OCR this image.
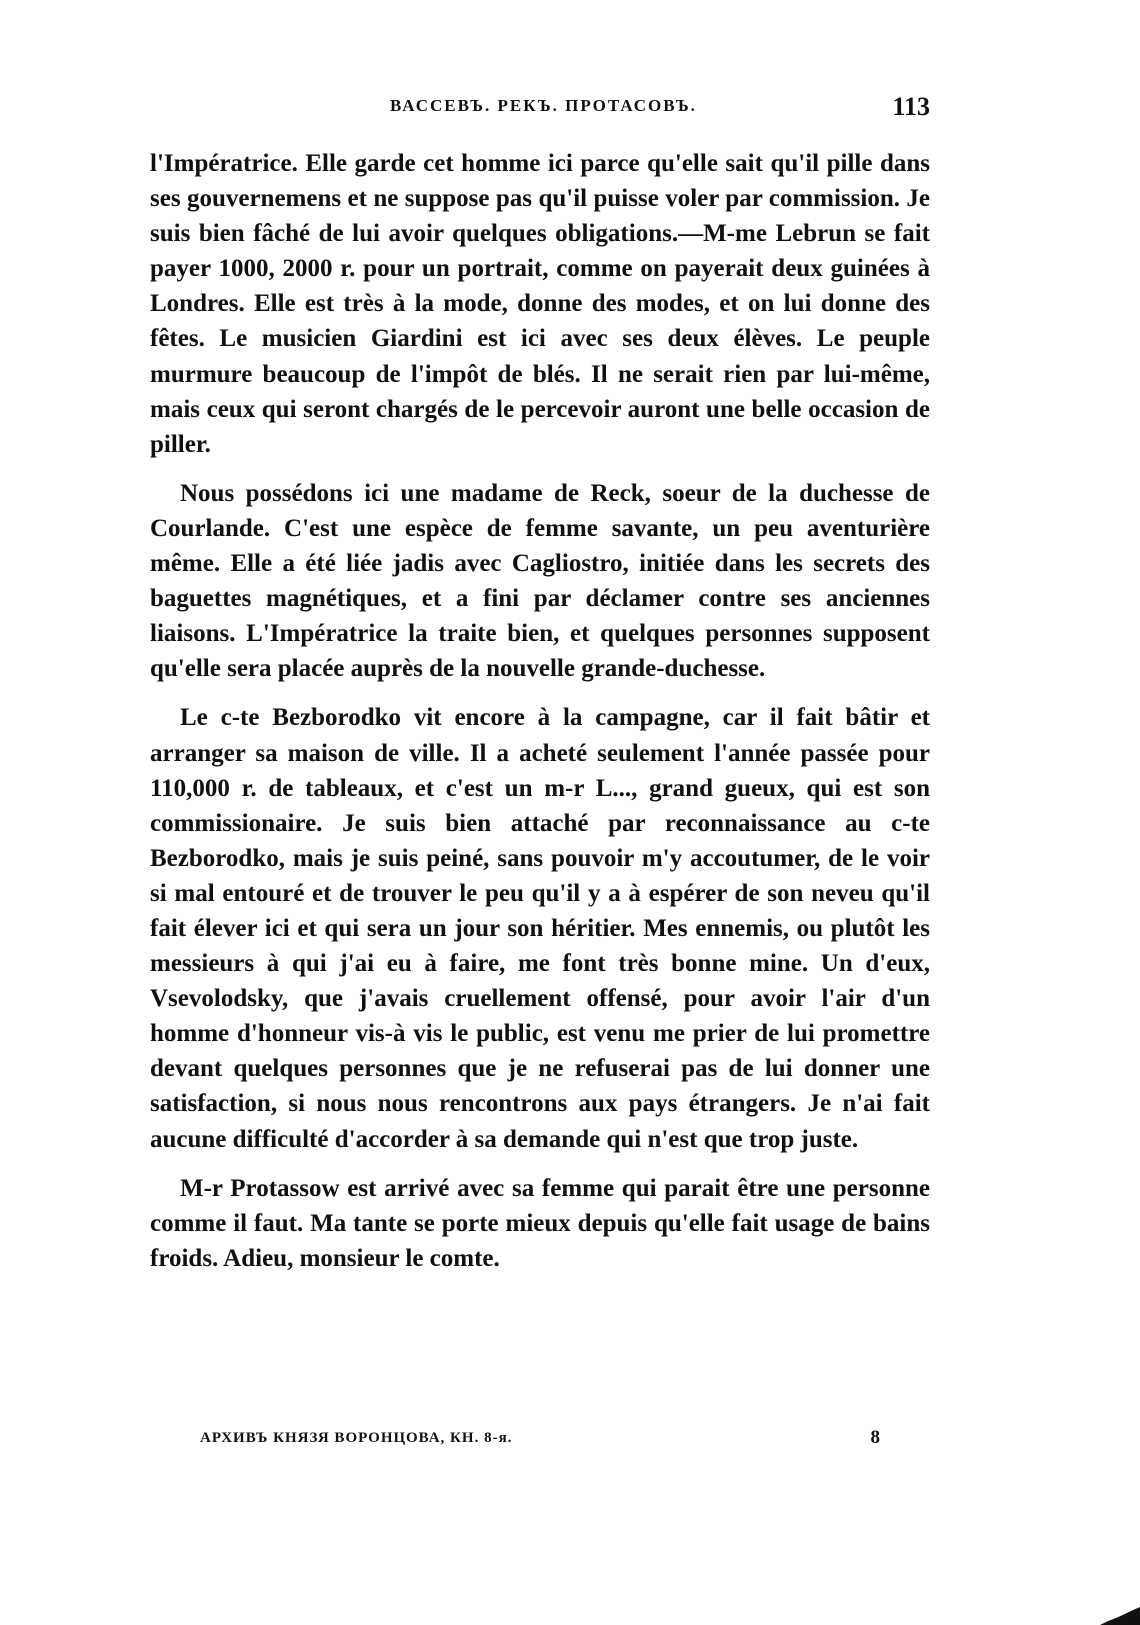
ВАССЕВЪ. РЕКЪ. ПРОТАСОВЪ.	113

l'Impératrice. Elle garde cet homme ici parce qu'elle sait qu'il pille dans ses gouvernemens et ne suppose pas qu'il puisse voler par commission. Je suis bien fâché de lui avoir quelques obligations.—M-me Lebrun se fait payer 1000, 2000 r. pour un portrait, comme on payerait deux guinées à Londres. Elle est très à la mode, donne des modes, et on lui donne des fêtes. Le musicien Giardini est ici avec ses deux élèves. Le peuple murmure beaucoup de l'impôt de blés. Il ne serait rien par lui-même, mais ceux qui seront chargés de le percevoir auront une belle occasion de piller.

Nous possédons ici une madame de Reck, soeur de la duchesse de Courlande. C'est une espèce de femme savante, un peu aventurière même. Elle a été liée jadis avec Cagliostro, initiée dans les secrets des baguettes magnétiques, et a fini par déclamer contre ses anciennes liaisons. L'Impératrice la traite bien, et quelques personnes supposent qu'elle sera placée auprès de la nouvelle grande-duchesse.

Le c-te Bezborodko vit encore à la campagne, car il fait bâtir et arranger sa maison de ville. Il a acheté seulement l'année passée pour 110,000 r. de tableaux, et c'est un m-r L..., grand gueux, qui est son commissionaire. Je suis bien attaché par reconnaissance au c-te Bezborodko, mais je suis peiné, sans pouvoir m'y accoutumer, de le voir si mal entouré et de trouver le peu qu'il y a à espérer de son neveu qu'il fait élever ici et qui sera un jour son héritier. Mes ennemis, ou plutôt les messieurs à qui j'ai eu à faire, me font très bonne mine. Un d'eux, Vsevolodsky, que j'avais cruellement offensé, pour avoir l'air d'un homme d'honneur vis-à vis le public, est venu me prier de lui promettre devant quelques personnes que je ne refuserai pas de lui donner une satisfaction, si nous nous rencontrons aux pays étrangers. Je n'ai fait aucune difficulté d'accorder à sa demande qui n'est que trop juste.

M-r Protassow est arrivé avec sa femme qui parait être une personne comme il faut. Ma tante se porte mieux depuis qu'elle fait usage de bains froids. Adieu, monsieur le comte.

АРХИВЪ КНЯЗЯ ВОРОНЦОВА, КН. 8-я.	8
